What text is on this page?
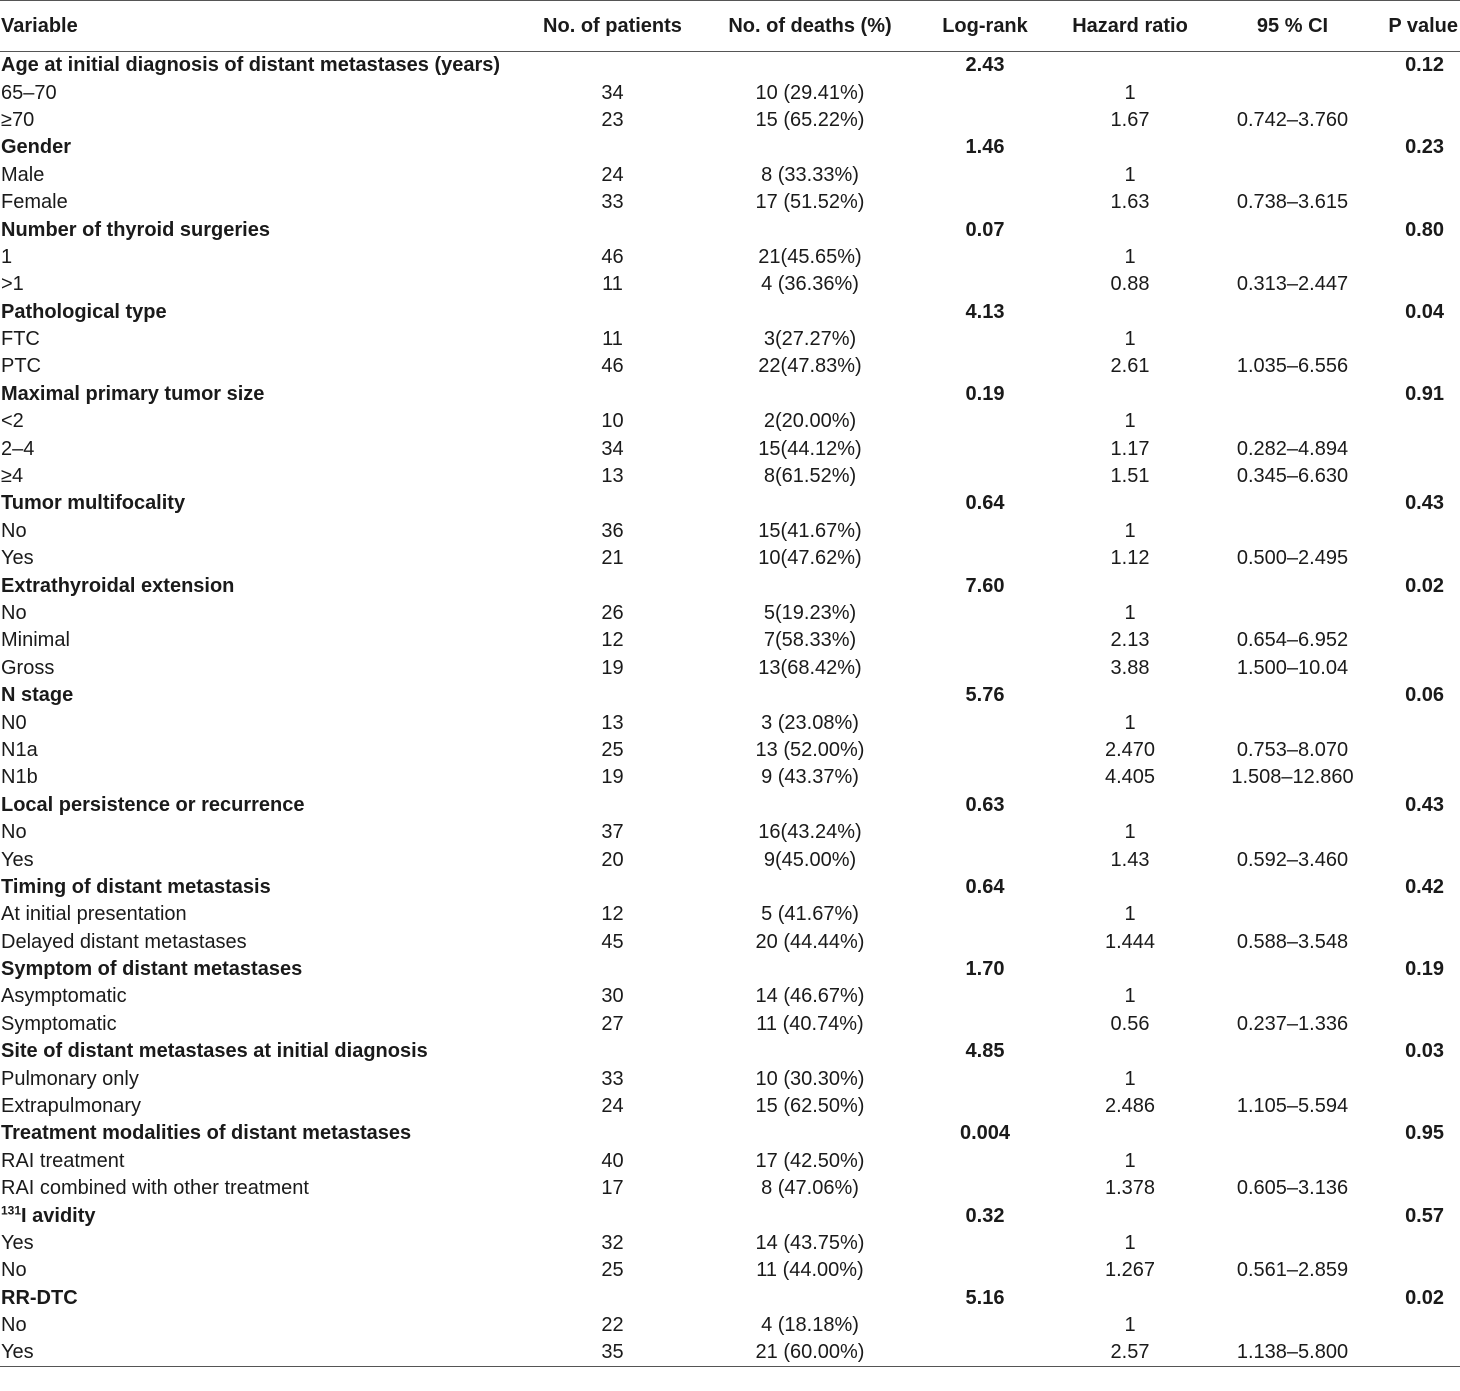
Variable	No. of patients	No. of deaths (%)	Log-rank	Hazard ratio	95 % CI	P value
Age at initial diagnosis of distant metastases (years)			2.43			0.12
65–70	34	10 (29.41%)		1		
≥70	23	15 (65.22%)		1.67	0.742–3.760	
Gender			1.46			0.23
Male	24	8 (33.33%)		1		
Female	33	17 (51.52%)		1.63	0.738–3.615	
Number of thyroid surgeries			0.07			0.80
1	46	21(45.65%)		1		
>1	11	4 (36.36%)		0.88	0.313–2.447	
Pathological type			4.13			0.04
FTC	11	3(27.27%)		1		
PTC	46	22(47.83%)		2.61	1.035–6.556	
Maximal primary tumor size			0.19			0.91
<2	10	2(20.00%)		1		
2–4	34	15(44.12%)		1.17	0.282–4.894	
≥4	13	8(61.52%)		1.51	0.345–6.630	
Tumor multifocality			0.64			0.43
No	36	15(41.67%)		1		
Yes	21	10(47.62%)		1.12	0.500–2.495	
Extrathyroidal extension			7.60			0.02
No	26	5(19.23%)		1		
Minimal	12	7(58.33%)		2.13	0.654–6.952	
Gross	19	13(68.42%)		3.88	1.500–10.04	
N stage			5.76			0.06
N0	13	3 (23.08%)		1		
N1a	25	13 (52.00%)		2.470	0.753–8.070	
N1b	19	9 (43.37%)		4.405	1.508–12.860	
Local persistence or recurrence			0.63			0.43
No	37	16(43.24%)		1		
Yes	20	9(45.00%)		1.43	0.592–3.460	
Timing of distant metastasis			0.64			0.42
At initial presentation	12	5 (41.67%)		1		
Delayed distant metastases	45	20 (44.44%)		1.444	0.588–3.548	
Symptom of distant metastases			1.70			0.19
Asymptomatic	30	14 (46.67%)		1		
Symptomatic	27	11 (40.74%)		0.56	0.237–1.336	
Site of distant metastases at initial diagnosis			4.85			0.03
Pulmonary only	33	10 (30.30%)		1		
Extrapulmonary	24	15 (62.50%)		2.486	1.105–5.594	
Treatment modalities of distant metastases			0.004			0.95
RAI treatment	40	17 (42.50%)		1		
RAI combined with other treatment	17	8 (47.06%)		1.378	0.605–3.136	
$^{131}$I avidity			0.32			0.57
Yes	32	14 (43.75%)		1		
No	25	11 (44.00%)		1.267	0.561–2.859	
RR-DTC			5.16			0.02
No	22	4 (18.18%)		1		
Yes	35	21 (60.00%)		2.57	1.138–5.800	
